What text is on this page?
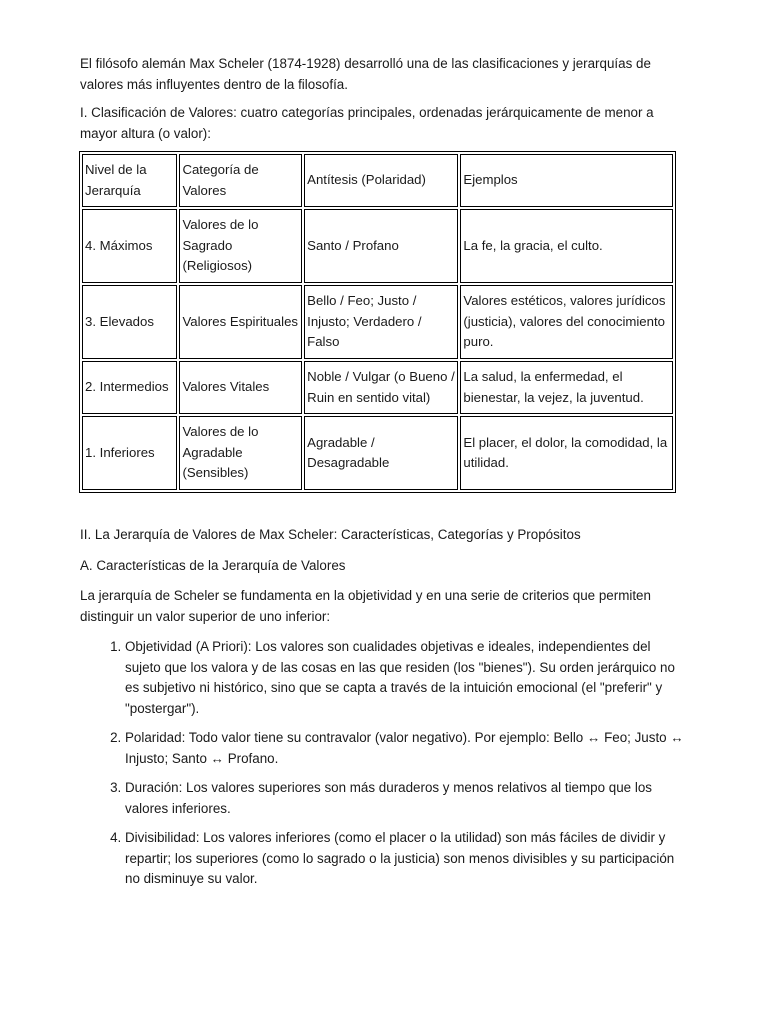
El filósofo alemán Max Scheler (1874-1928) desarrolló una de las clasificaciones y jerarquías de valores más influyentes dentro de la filosofía.

I. Clasificación de Valores: cuatro categorías principales, ordenadas jerárquicamente de menor a mayor altura (o valor):

Nivel de la Jerarquía	Categoría de Valores	Antítesis (Polaridad)	Ejemplos
4. Máximos	Valores de lo Sagrado (Religiosos)	Santo / Profano	La fe, la gracia, el culto.
3. Elevados	Valores Espirituales	Bello / Feo; Justo / Injusto; Verdadero / Falso	Valores estéticos, valores jurídicos (justicia), valores del conocimiento puro.
2. Intermedios	Valores Vitales	Noble / Vulgar (o Bueno / Ruin en sentido vital)	La salud, la enfermedad, el bienestar, la vejez, la juventud.
1. Inferiores	Valores de lo Agradable (Sensibles)	Agradable / Desagradable	El placer, el dolor, la comodidad, la utilidad.

II. La Jerarquía de Valores de Max Scheler: Características, Categorías y Propósitos

A. Características de la Jerarquía de Valores

La jerarquía de Scheler se fundamenta en la objetividad y en una serie de criterios que permiten distinguir un valor superior de uno inferior:

1. Objetividad (A Priori): Los valores son cualidades objetivas e ideales, independientes del sujeto que los valora y de las cosas en las que residen (los "bienes"). Su orden jerárquico no es subjetivo ni histórico, sino que se capta a través de la intuición emocional (el "preferir" y "postergar").
2. Polaridad: Todo valor tiene su contravalor (valor negativo). Por ejemplo: Bello ↔ Feo; Justo ↔ Injusto; Santo ↔ Profano.
3. Duración: Los valores superiores son más duraderos y menos relativos al tiempo que los valores inferiores.
4. Divisibilidad: Los valores inferiores (como el placer o la utilidad) son más fáciles de dividir y repartir; los superiores (como lo sagrado o la justicia) son menos divisibles y su participación no disminuye su valor.
